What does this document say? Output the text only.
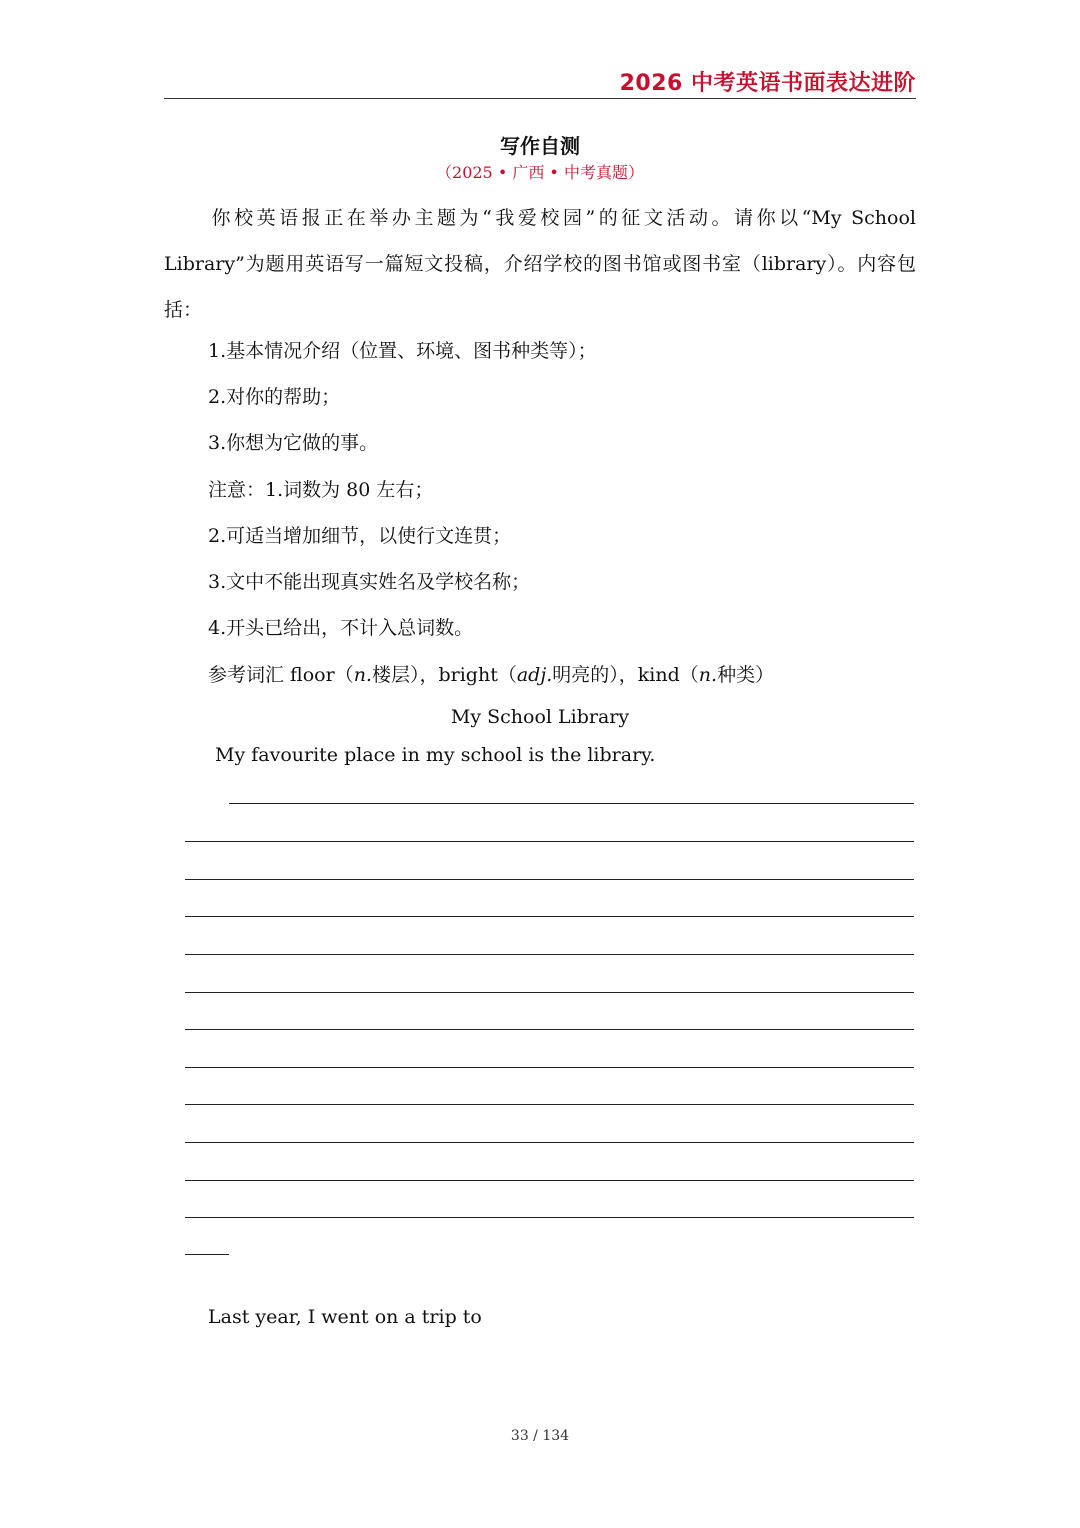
2026 中考英语书面表达进阶
写作自测
（2025 • 广西 • 中考真题）

你校英语报正在举办主题为“我爱校园”的征文活动。请你以“My School Library”为题用英语写一篇短文投稿，介绍学校的图书馆或图书室（library）。内容包括：

1.基本情况介绍（位置、环境、图书种类等）；
2.对你的帮助；
3.你想为它做的事。
注意：1.词数为 80 左右；
2.可适当增加细节，以使行文连贯；
3.文中不能出现真实姓名及学校名称；
4.开头已给出，不计入总词数。
参考词汇 floor（n.楼层），bright（adj.明亮的），kind（n.种类）
My School Library
My favourite place in my school is the library.
Last year, I went on a trip to
33 / 134
